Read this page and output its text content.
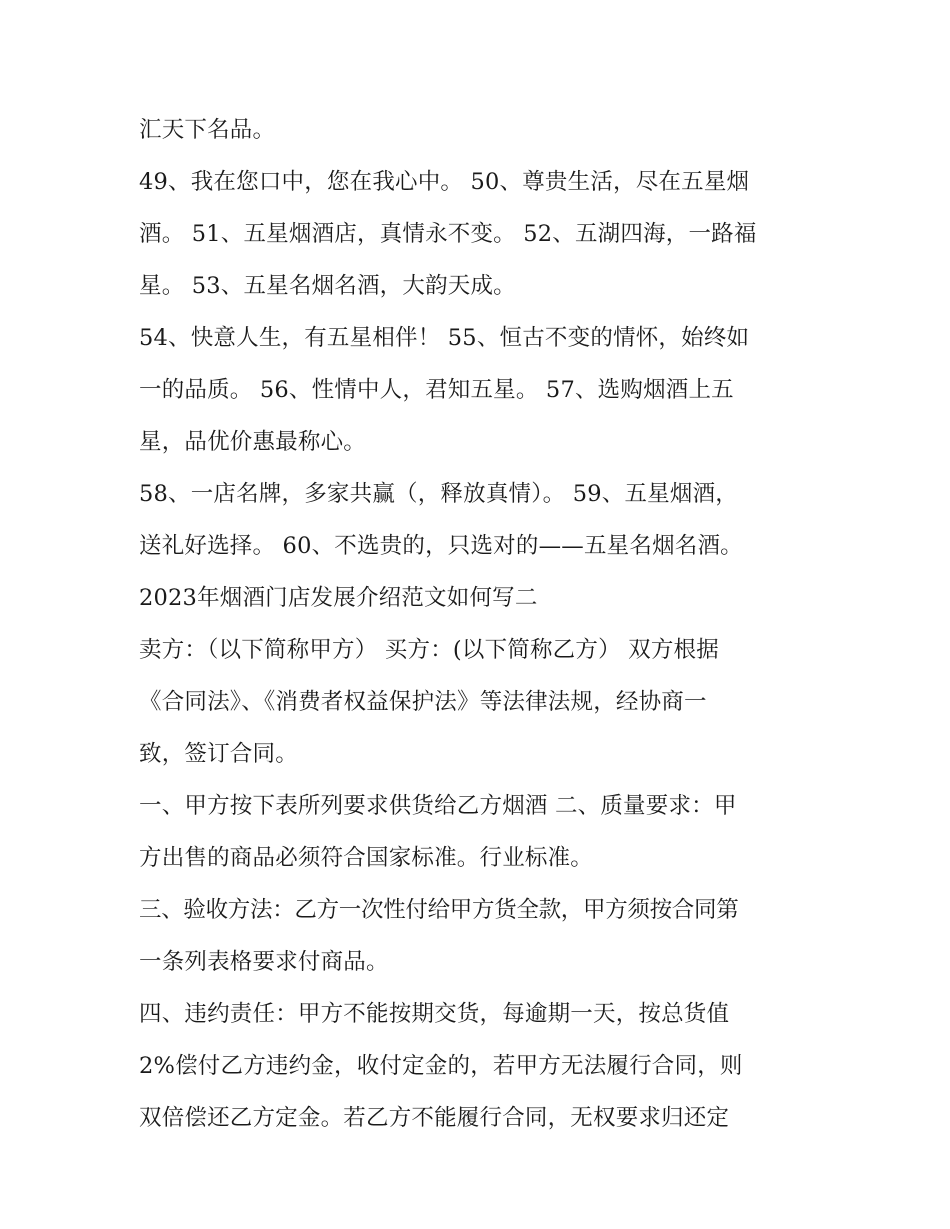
汇天下名品。
49、我在您口中，您在我心中。 50、尊贵生活，尽在五星烟
酒。 51、五星烟酒店，真情永不变。 52、五湖四海，一路福
星。 53、五星名烟名酒，大韵天成。
54、快意人生，有五星相伴！ 55、恒古不变的情怀，始终如
一的品质。 56、性情中人，君知五星。 57、选购烟酒上五
星，品优价惠最称心。
58、一店名牌，多家共赢（，释放真情）。 59、五星烟酒，
送礼好选择。 60、不选贵的，只选对的——五星名烟名酒。
2023年烟酒门店发展介绍范文如何写二
卖方：（以下简称甲方） 买方：(以下简称乙方） 双方根据
《合同法》、《消费者权益保护法》等法律法规，经协商一
致，签订合同。
一、甲方按下表所列要求供货给乙方烟酒 二、质量要求：甲
方出售的商品必须符合国家标准。行业标准。
三、验收方法：乙方一次性付给甲方货全款，甲方须按合同第
一条列表格要求付商品。
四、违约责任：甲方不能按期交货，每逾期一天，按总货值
2%偿付乙方违约金，收付定金的，若甲方无法履行合同，则
双倍偿还乙方定金。若乙方不能履行合同，无权要求归还定
